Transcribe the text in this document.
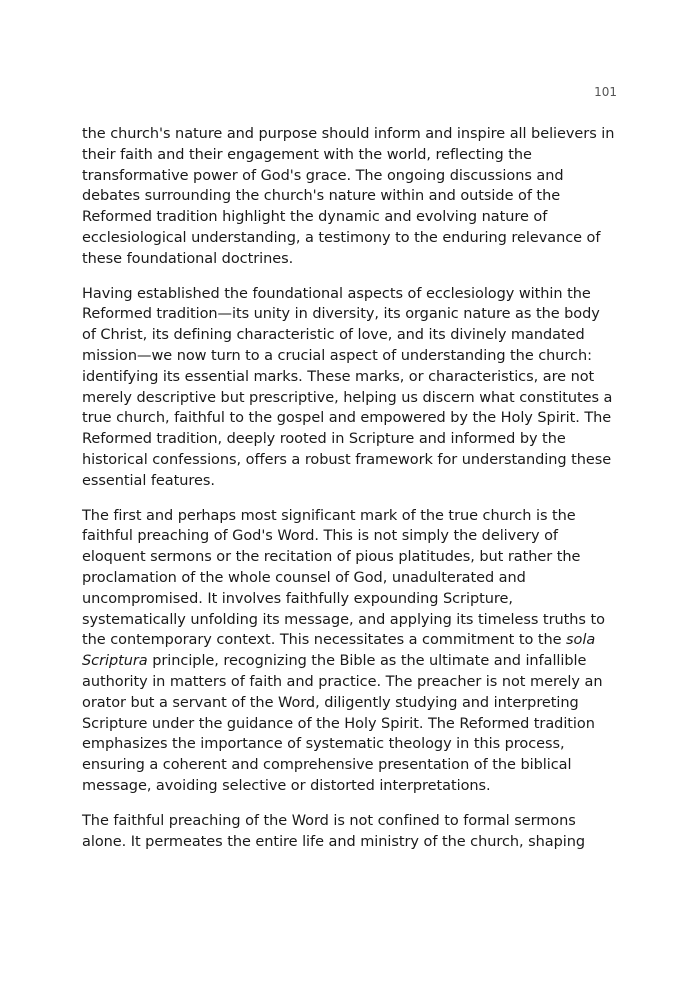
101

the church's nature and purpose should inform and inspire all believers in their faith and their engagement with the world, reflecting the transformative power of God's grace. The ongoing discussions and debates surrounding the church's nature within and outside of the Reformed tradition highlight the dynamic and evolving nature of ecclesiological understanding, a testimony to the enduring relevance of these foundational doctrines.

Having established the foundational aspects of ecclesiology within the Reformed tradition—its unity in diversity, its organic nature as the body of Christ, its defining characteristic of love, and its divinely mandated mission—we now turn to a crucial aspect of understanding the church: identifying its essential marks. These marks, or characteristics, are not merely descriptive but prescriptive, helping us discern what constitutes a true church, faithful to the gospel and empowered by the Holy Spirit. The Reformed tradition, deeply rooted in Scripture and informed by the historical confessions, offers a robust framework for understanding these essential features.

The first and perhaps most significant mark of the true church is the faithful preaching of God's Word. This is not simply the delivery of eloquent sermons or the recitation of pious platitudes, but rather the proclamation of the whole counsel of God, unadulterated and uncompromised. It involves faithfully expounding Scripture, systematically unfolding its message, and applying its timeless truths to the contemporary context. This necessitates a commitment to the sola Scriptura principle, recognizing the Bible as the ultimate and infallible authority in matters of faith and practice. The preacher is not merely an orator but a servant of the Word, diligently studying and interpreting Scripture under the guidance of the Holy Spirit. The Reformed tradition emphasizes the importance of systematic theology in this process, ensuring a coherent and comprehensive presentation of the biblical message, avoiding selective or distorted interpretations.

The faithful preaching of the Word is not confined to formal sermons alone. It permeates the entire life and ministry of the church, shaping
